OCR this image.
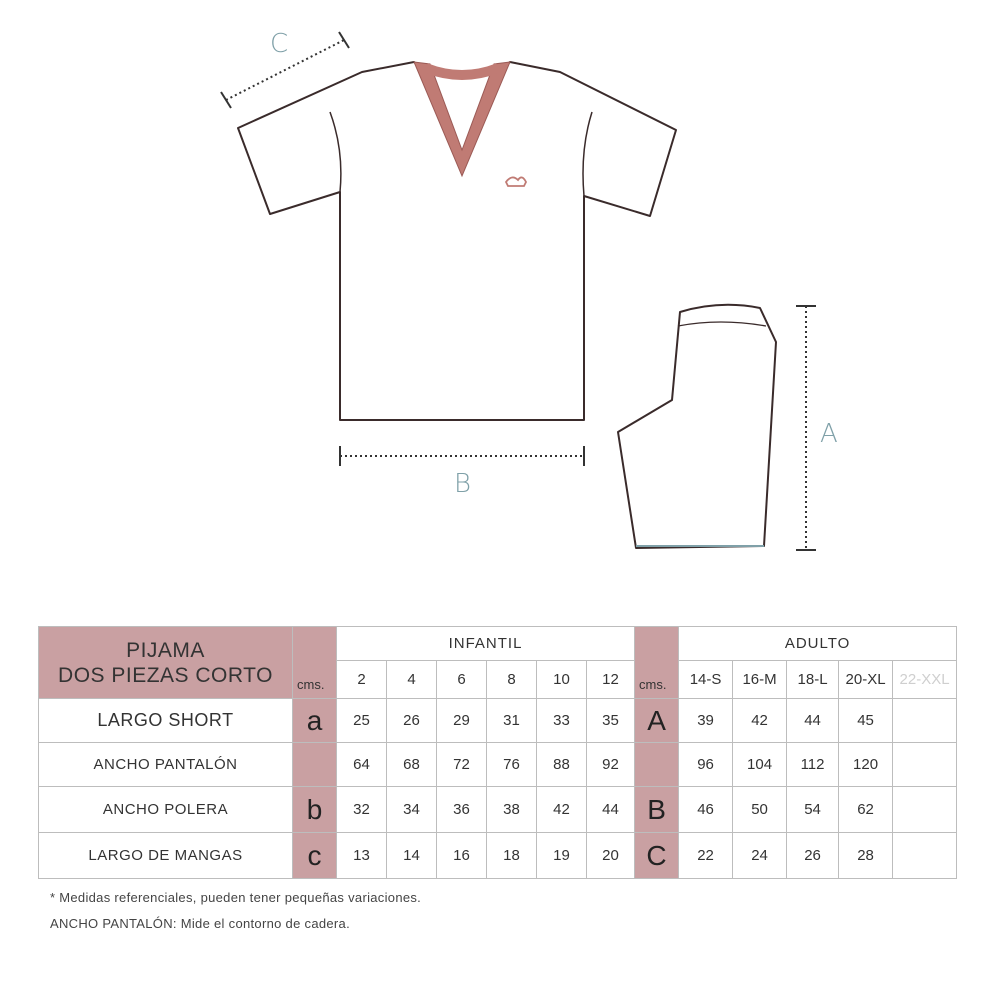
C
B
A
PIJAMA
DOS PIEZAS CORTO	cms.	INFANTIL						cms.	ADULTO				
		2	4	6	8	10	12		14-S	16-M	18-L	20-XL	22-XXL
LARGO SHORT	a	25	26	29	31	33	35	A	39	42	44	45	
ANCHO PANTALÓN		64	68	72	76	88	92		96	104	112	120	
ANCHO POLERA	b	32	34	36	38	42	44	B	46	50	54	62	
LARGO DE MANGAS	c	13	14	16	18	19	20	C	22	24	26	28	

* Medidas referenciales, pueden tener pequeñas variaciones.

ANCHO PANTALÓN: Mide el contorno de cadera.
